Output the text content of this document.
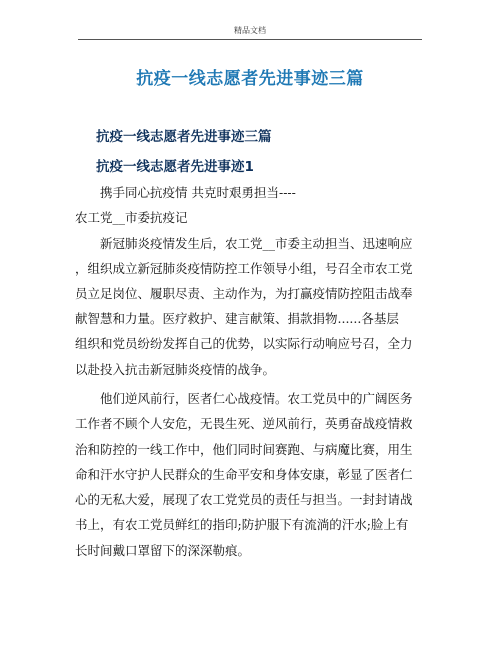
精品文档
抗疫一线志愿者先进事迹三篇
抗疫一线志愿者先进事迹三篇
抗疫一线志愿者先进事迹1
携手同心抗疫情 共克时艰勇担当----
农工党__市委抗疫记
新冠肺炎疫情发生后，农工党__市委主动担当、迅速响应
，组织成立新冠肺炎疫情防控工作领导小组，号召全市农工党
员立足岗位、履职尽责、主动作为，为打赢疫情防控阻击战奉
献智慧和力量。医疗救护、建言献策、捐款捐物......各基层
组织和党员纷纷发挥自己的优势，以实际行动响应号召，全力
以赴投入抗击新冠肺炎疫情的战争。
他们逆风前行，医者仁心战疫情。农工党员中的广阔医务
工作者不顾个人安危，无畏生死、逆风前行，英勇奋战疫情救
治和防控的一线工作中，他们同时间赛跑、与病魔比赛，用生
命和汗水守护人民群众的生命平安和身体安康，彰显了医者仁
心的无私大爱，展现了农工党党员的责任与担当。一封封请战
书上，有农工党员鲜红的指印;防护服下有流淌的汗水;脸上有
长时间戴口罩留下的深深勒痕。
